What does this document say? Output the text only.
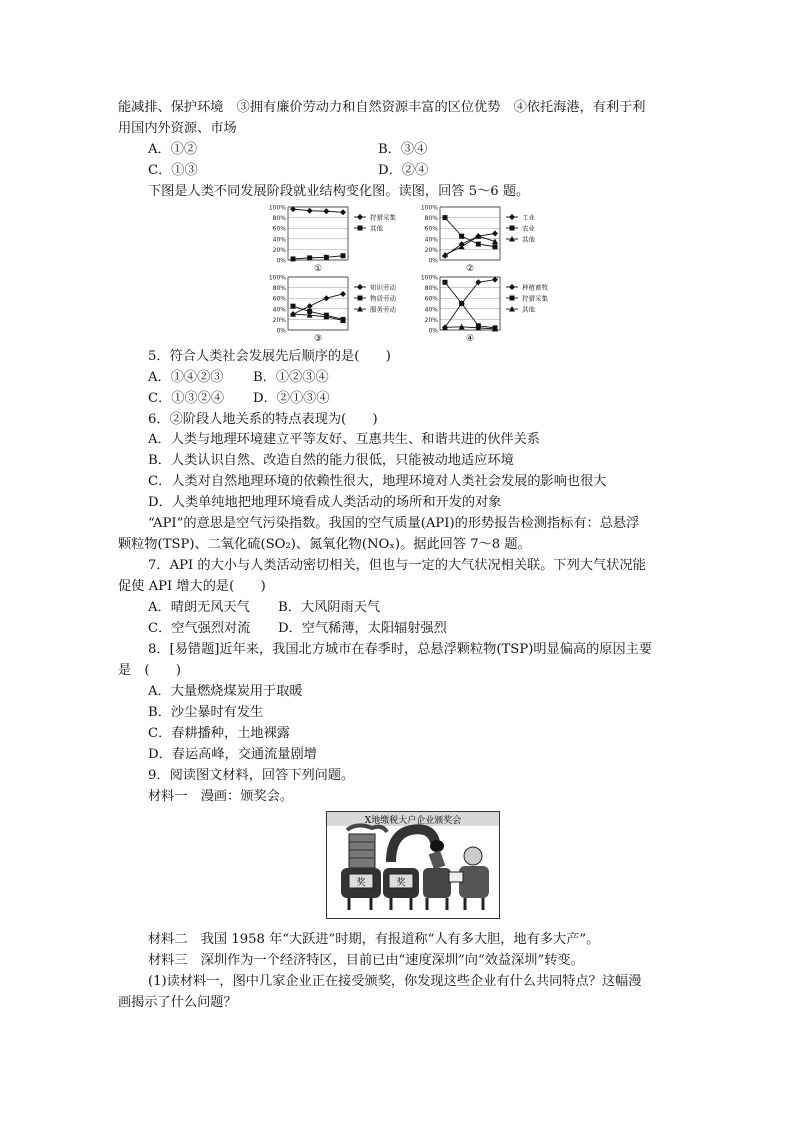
能减排、保护环境　③拥有廉价劳动力和自然资源丰富的区位优势　④依托海港，有利于利
用国内外资源、市场
A．①②	B．③④
C．①③	D．②④
下图是人类不同发展阶段就业结构变化图。读图，回答 5～6 题。
100%
80%
60%
40%
20%
0%
狩猎采集
其他
①
100%
80%
60%
40%
20%
0%
工业
农业
其他
②
100%
80%
60%
40%
20%
0%
知识劳动
物质劳动
服务劳动
③
100%
80%
60%
40%
20%
0%
种植畜牧
狩猎采集
其他
④
5．符合人类社会发展先后顺序的是(　　)
A．①④②③ B．①②③④
C．①③②④ D．②①③④
6．②阶段人地关系的特点表现为(　　)
A．人类与地理环境建立平等友好、互惠共生、和谐共进的伙伴关系
B．人类认识自然、改造自然的能力很低，只能被动地适应环境
C．人类对自然地理环境的依赖性很大，地理环境对人类社会发展的影响也很大
D．人类单纯地把地理环境看成人类活动的场所和开发的对象
“API”的意思是空气污染指数。我国的空气质量(API)的形势报告检测指标有：总悬浮
颗粒物(TSP)、二氧化硫(SO₂)、氮氧化物(NOₓ)。据此回答 7～8 题。
7．API 的大小与人类活动密切相关，但也与一定的大气状况相关联。下列大气状况能
促使 API 增大的是(　　)
A．晴朗无风天气 B．大风阴雨天气
C．空气强烈对流 D．空气稀薄，太阳辐射强烈
8．[易错题]近年来，我国北方城市在春季时，总悬浮颗粒物(TSP)明显偏高的原因主要
是　(　　)
A．大量燃烧煤炭用于取暖
B．沙尘暴时有发生
C．春耕播种，土地裸露
D．春运高峰，交通流量剧增
9．阅读图文材料，回答下列问题。
材料一　漫画：颁奖会。
X地缴税大户企业颁奖会
奖	奖
材料二　我国 1958 年“大跃进”时期，有报道称“人有多大胆，地有多大产”。
材料三　深圳作为一个经济特区，目前已由“速度深圳”向“效益深圳”转变。
(1)读材料一，图中几家企业正在接受颁奖，你发现这些企业有什么共同特点？这幅漫
画揭示了什么问题？
